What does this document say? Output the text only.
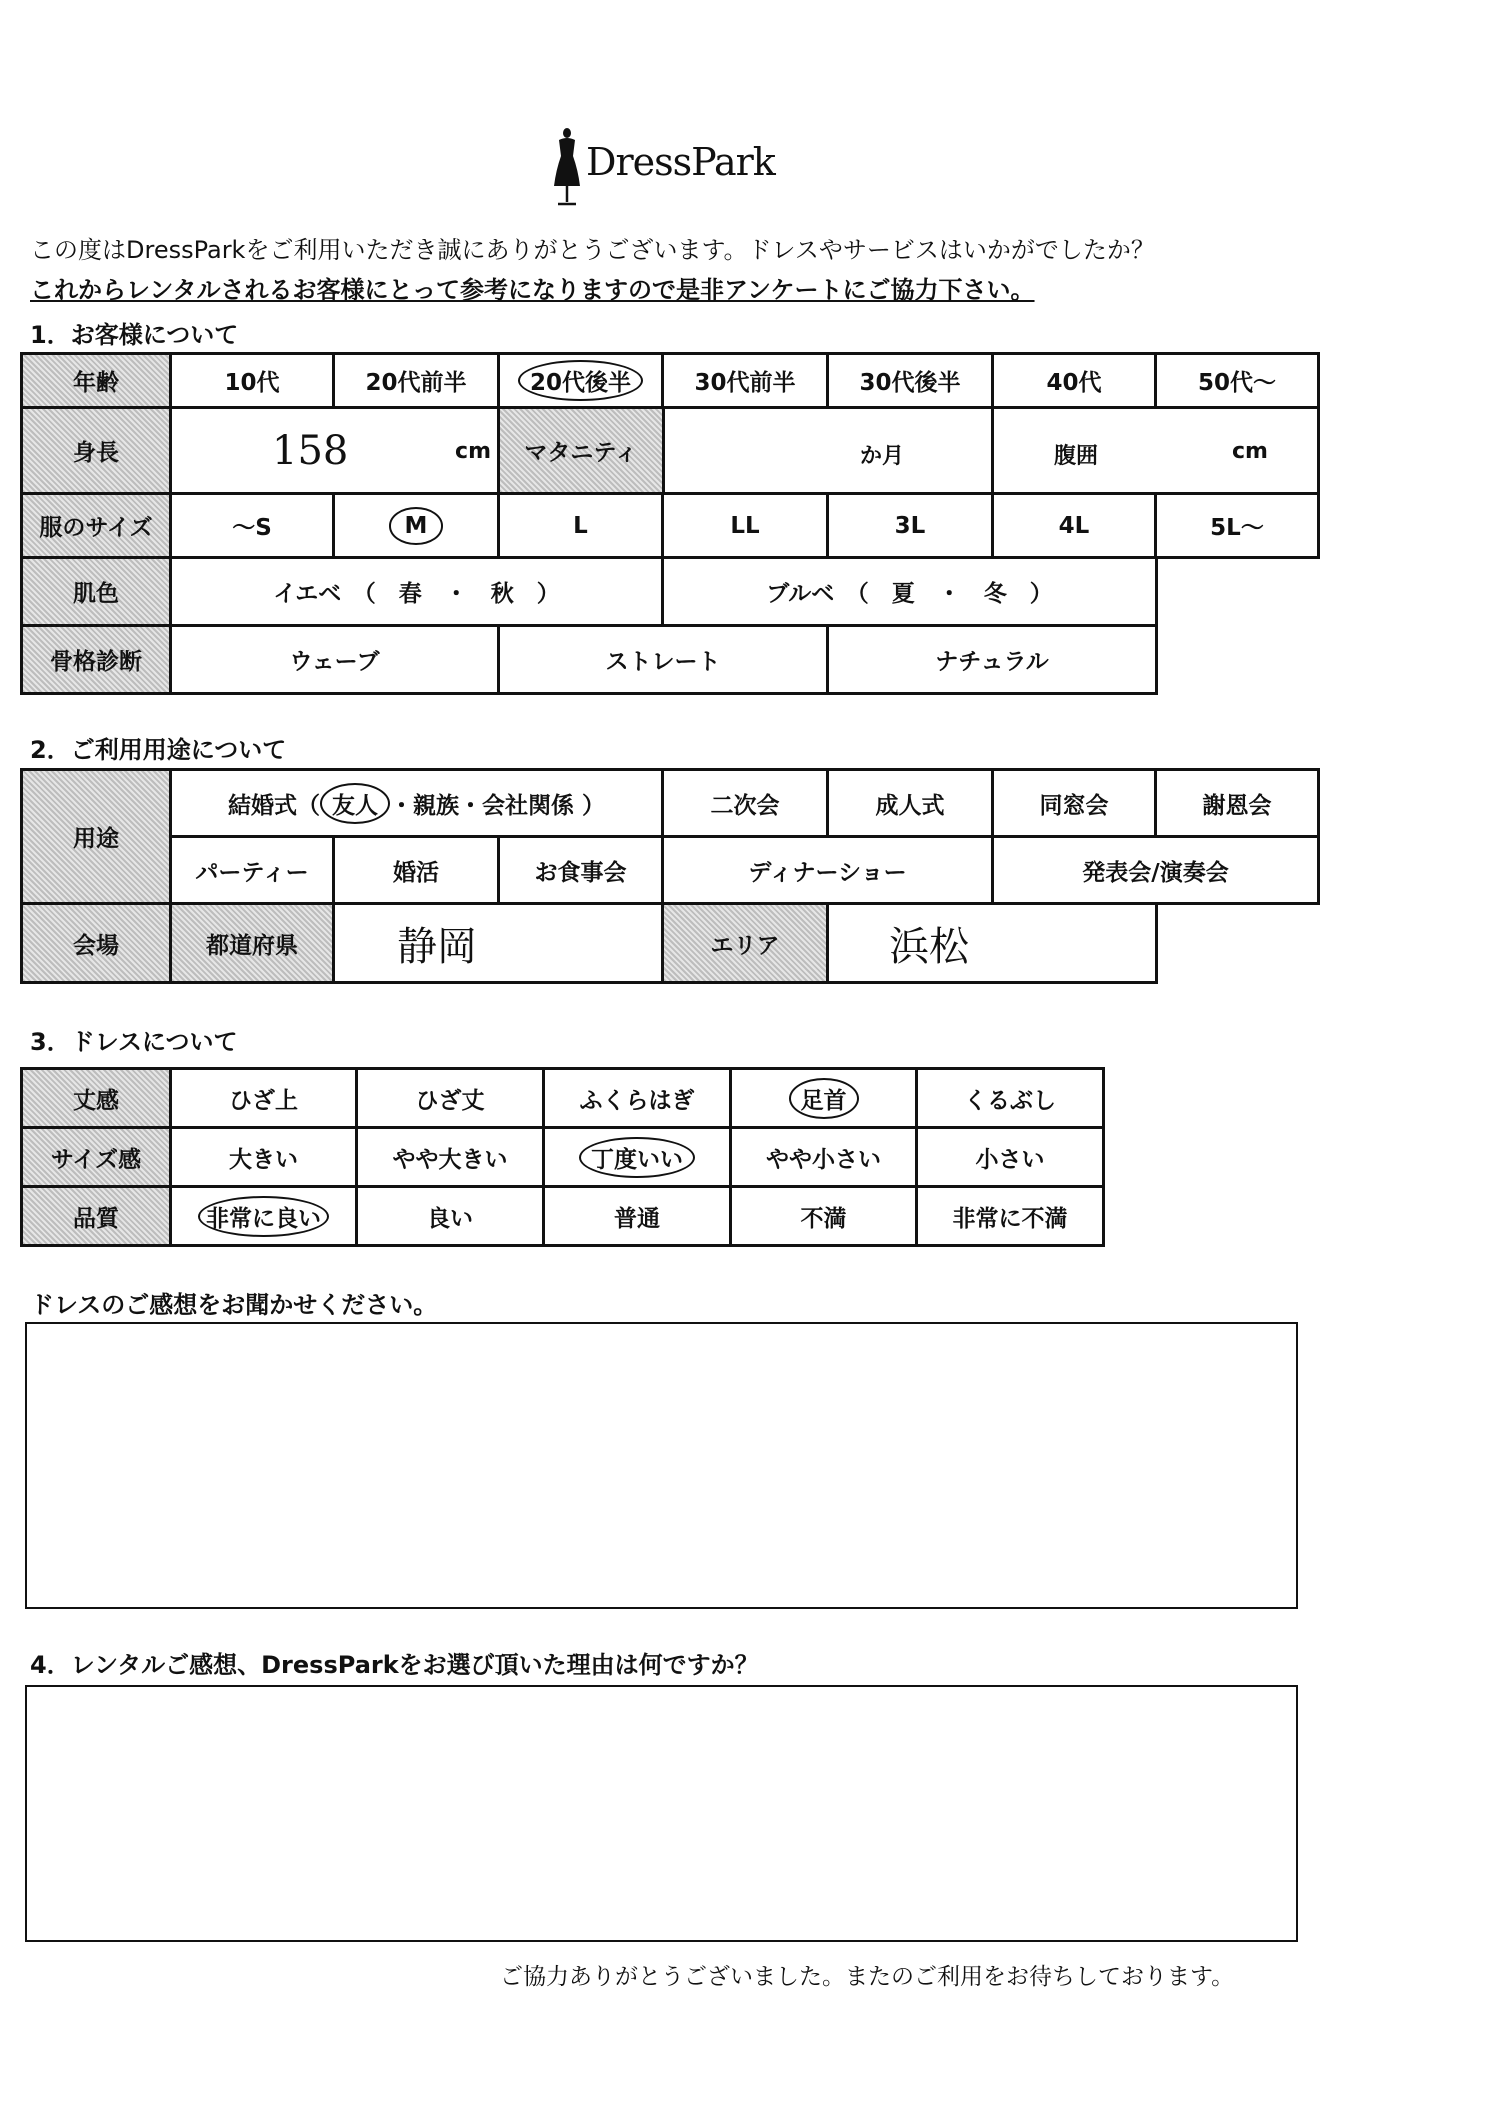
DressPark
この度はDressParkをご利用いただき誠にありがとうございます。ドレスやサービスはいかがでしたか？
これからレンタルされるお客様にとって参考になりますので是非アンケートにご協力下さい。
1．お客様について
年齢	10代	20代前半	20代後半	30代前半	30代後半	40代	50代～
身長	158	cm	マタニティ	か月	腹囲	cm
服のサイズ	～S	M	L	LL	3L	4L	5L～
肌色	イエベ　（　春　・　秋　）	ブルベ　（　夏　・　冬　）
骨格診断	ウェーブ	ストレート	ナチュラル
2．ご利用用途について
用途
結婚式（ 友人 ・親族・会社関係 ）	二次会	成人式	同窓会	謝恩会
パーティー	婚活	お食事会	ディナーショー	発表会/演奏会
会場	都道府県	静岡	エリア	浜松
3．ドレスについて
丈感	ひざ上	ひざ丈	ふくらはぎ	足首	くるぶし
サイズ感	大きい	やや大きい	丁度いい	やや小さい	小さい
品質	非常に良い	良い	普通	不満	非常に不満
ドレスのご感想をお聞かせください。
4．レンタルご感想、DressParkをお選び頂いた理由は何ですか？
ご協力ありがとうございました。またのご利用をお待ちしております。
